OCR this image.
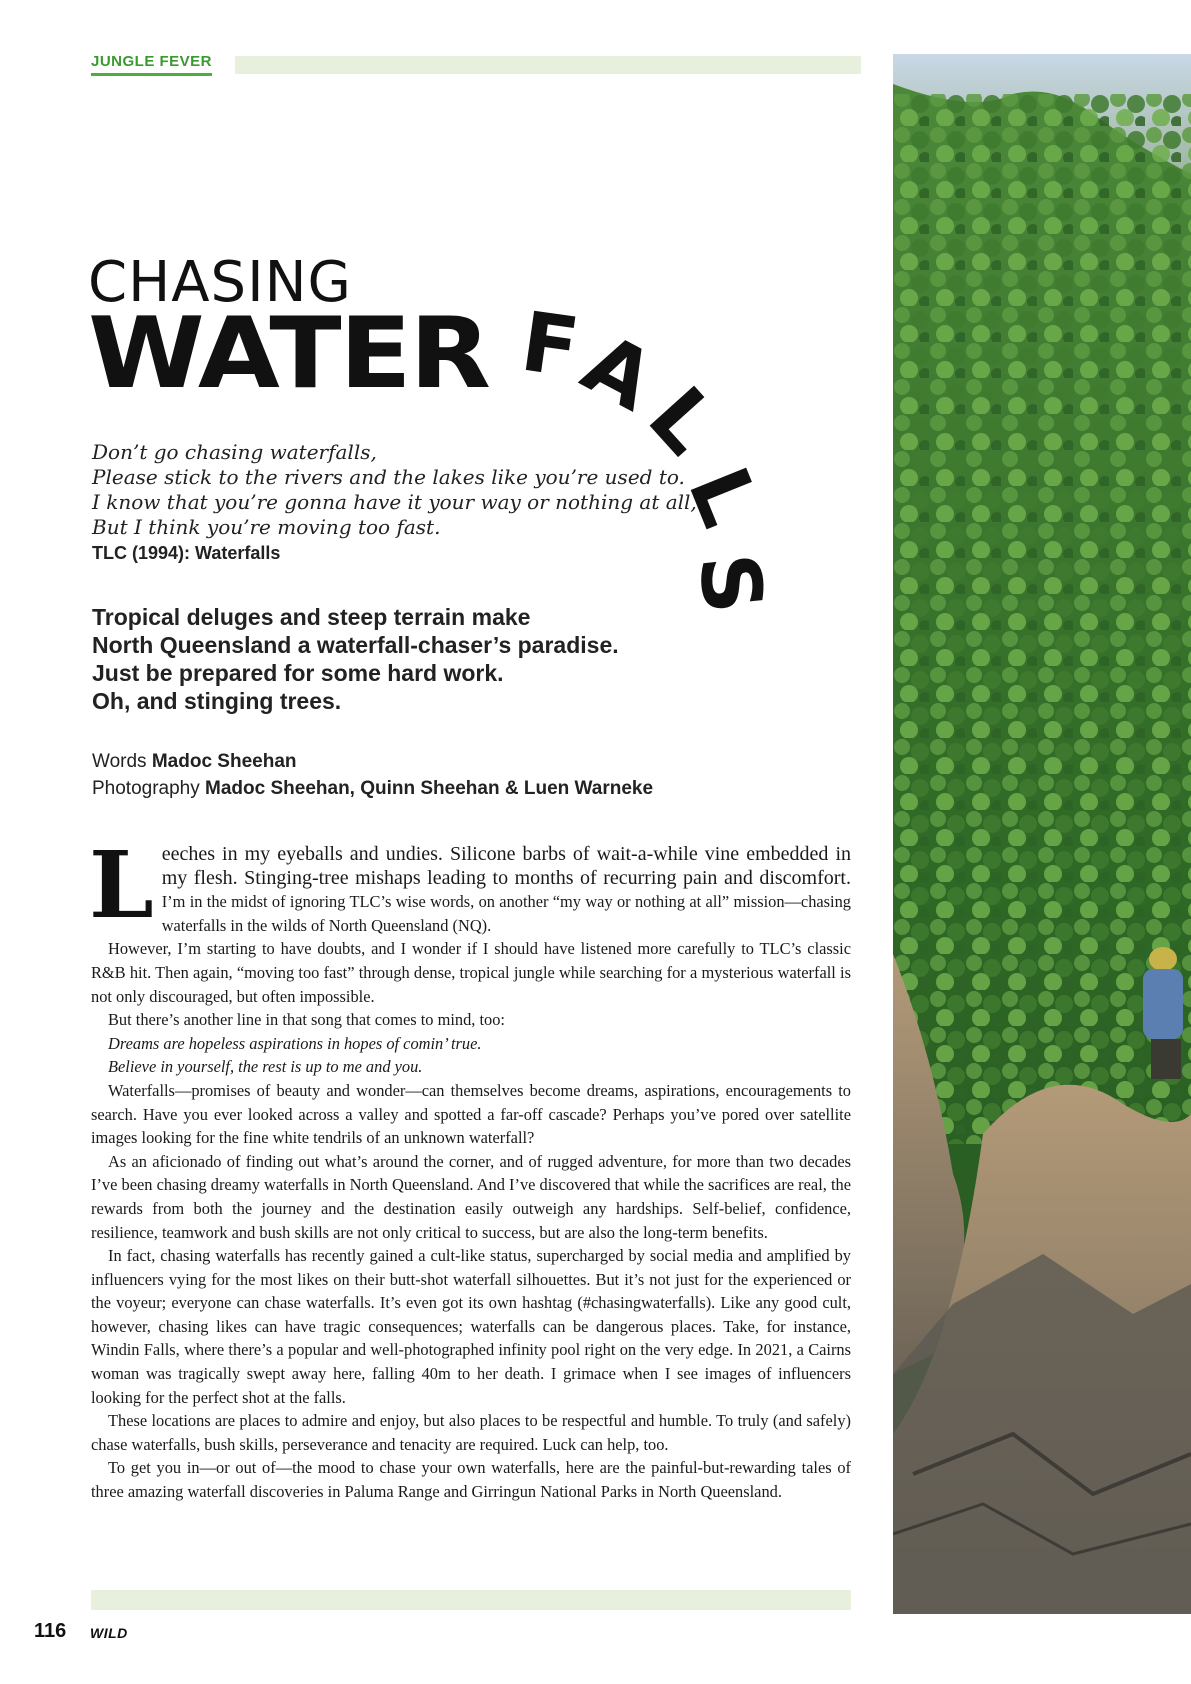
JUNGLE FEVER
CHASING
WATER F
A
L
L
S
Don’t go chasing waterfalls,
Please stick to the rivers and the lakes like you’re used to.
I know that you’re gonna have it your way or nothing at all,
But I think you’re moving too fast.
TLC (1994): Waterfalls
Tropical deluges and steep terrain make
North Queensland a waterfall-chaser’s paradise.
Just be prepared for some hard work.
Oh, and stinging trees.
Words Madoc Sheehan
Photography Madoc Sheehan, Quinn Sheehan & Luen Warneke

Leeches in my eyeballs and undies. Silicone barbs of wait-a-while vine embedded in my flesh. Stinging-tree mishaps leading to months of recurring pain and discomfort. I’m in the midst of ignoring TLC’s wise words, on another “my way or nothing at all” mission—chasing waterfalls in the wilds of North Queensland (NQ).

However, I’m starting to have doubts, and I wonder if I should have listened more carefully to TLC’s classic R&B hit. Then again, “moving too fast” through dense, tropical jungle while searching for a mysterious waterfall is not only discouraged, but often impossible.

But there’s another line in that song that comes to mind, too:

Dreams are hopeless aspirations in hopes of comin’ true.

Believe in yourself, the rest is up to me and you.

Waterfalls—promises of beauty and wonder—can themselves become dreams, aspirations, encouragements to search. Have you ever looked across a valley and spotted a far-off cascade? Perhaps you’ve pored over satellite images looking for the fine white tendrils of an unknown waterfall?

As an aficionado of finding out what’s around the corner, and of rugged adventure, for more than two decades I’ve been chasing dreamy waterfalls in North Queensland. And I’ve discovered that while the sacrifices are real, the rewards from both the journey and the destination easily outweigh any hardships. Self-belief, confidence, resilience, teamwork and bush skills are not only critical to success, but are also the long-term benefits.

In fact, chasing waterfalls has recently gained a cult-like status, supercharged by social media and amplified by influencers vying for the most likes on their butt-shot waterfall silhouettes. But it’s not just for the experienced or the voyeur; everyone can chase waterfalls. It’s even got its own hashtag (#chasingwaterfalls). Like any good cult, however, chasing likes can have tragic consequences; waterfalls can be dangerous places. Take, for instance, Windin Falls, where there’s a popular and well-photographed infinity pool right on the very edge. In 2021, a Cairns woman was tragically swept away here, falling 40m to her death. I grimace when I see images of influencers looking for the perfect shot at the falls.

These locations are places to admire and enjoy, but also places to be respectful and humble. To truly (and safely) chase waterfalls, bush skills, perseverance and tenacity are required. Luck can help, too.

To get you in—or out of—the mood to chase your own waterfalls, here are the painful-but-rewarding tales of three amazing waterfall discoveries in Paluma Range and Girringun National Parks in North Queensland.

116 WILD
